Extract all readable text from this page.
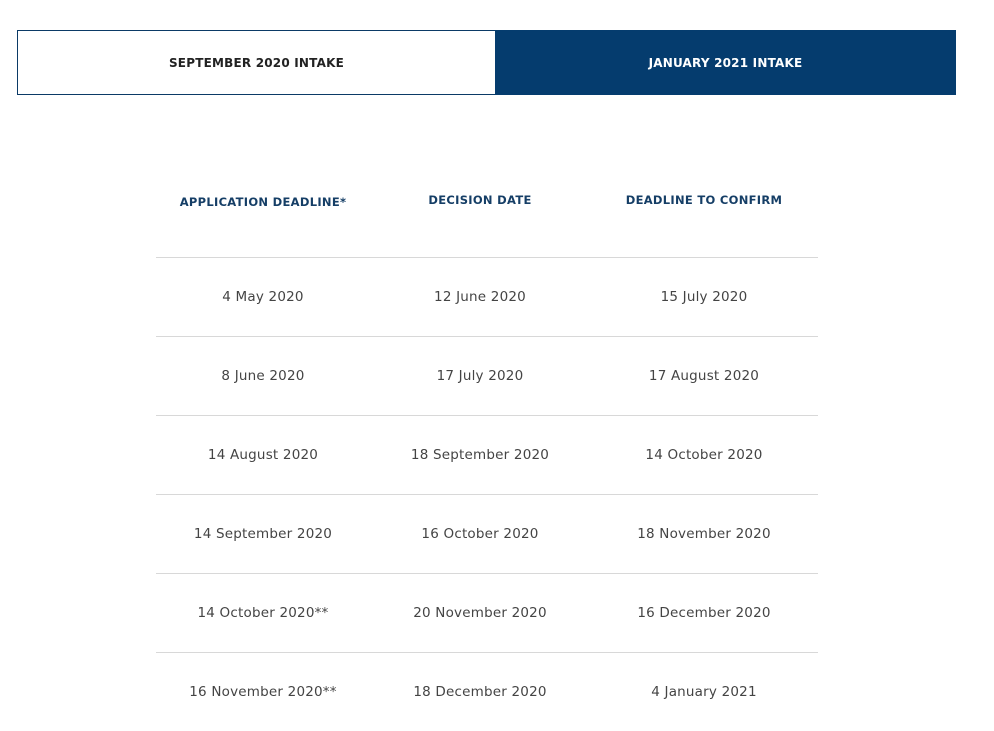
SEPTEMBER 2020 INTAKE	JANUARY 2021 INTAKE
APPLICATION DEADLINE*	DECISION DATE	DEADLINE TO CONFIRM
4 May 2020	12 June 2020	15 July 2020
8 June 2020	17 July 2020	17 August 2020
14 August 2020	18 September 2020	14 October 2020
14 September 2020	16 October 2020	18 November 2020
14 October 2020**	20 November 2020	16 December 2020
16 November 2020**	18 December 2020	4 January 2021
